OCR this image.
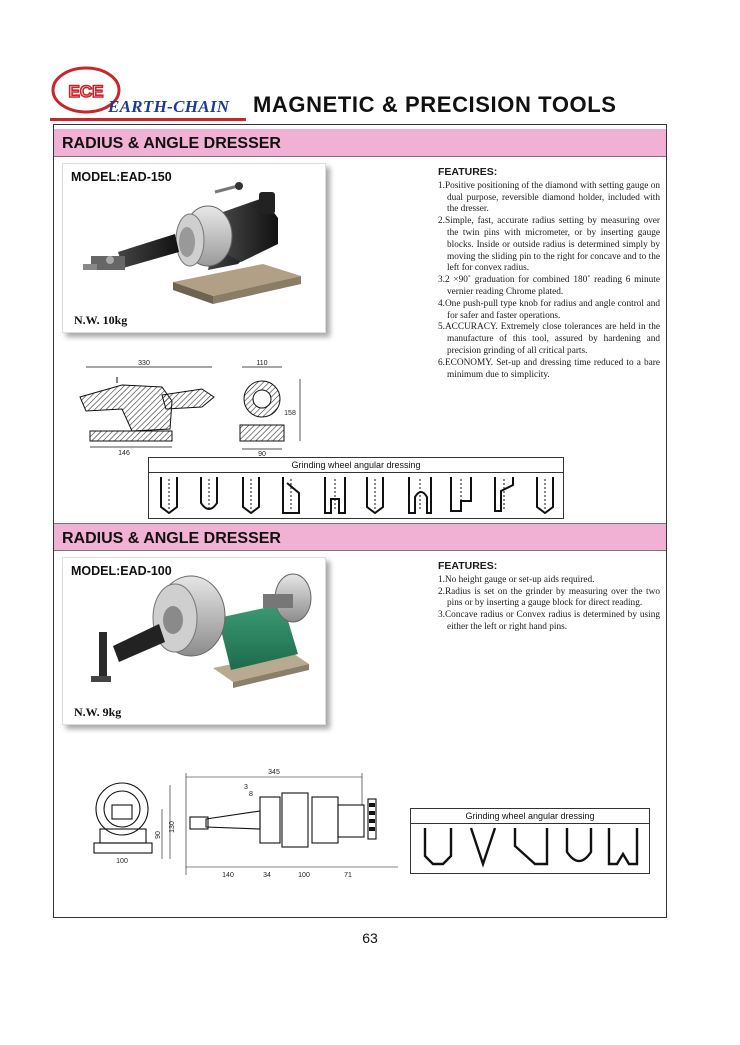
ECE
EARTH-CHAIN MAGNETIC & PRECISION TOOLS
RADIUS & ANGLE DRESSER
MODEL:EAD-150
N.W. 10kg
FEATURES:
1.Positive positioning of the diamond with setting gauge on dual purpose, reversible diamond holder, included with the dresser.
2.Simple, fast, accurate radius setting by measuring over the twin pins with micrometer, or by inserting gauge blocks. Inside or outside radius is determined simply by moving the sliding pin to the right for concave and to the left for convex radius.
3.2 ×90˚ graduation for combined 180˚ reading 6 minute vernier reading Chrome plated.
4.One push-pull type knob for radius and angle control and for safer and faster operations.
5.ACCURACY. Extremely close tolerances are held in the manufacture of this tool, assured by hardening and precision grinding of all critical parts.
6.ECONOMY. Set-up and dressing time reduced to a bare minimum due to simplicity.
330
146
110
90
158
Grinding wheel angular dressing
RADIUS & ANGLE DRESSER
MODEL:EAD-100
N.W. 9kg
FEATURES:
1.No height gauge or set-up aids required.
2.Radius is set on the grinder by measuring over the two pins or by inserting a gauge block for direct reading.
3.Concave radius or Convex radius is determined by using either the left or right hand pins.
345
3
8
130
90
100
140	34	100	71
Grinding wheel angular dressing
63
